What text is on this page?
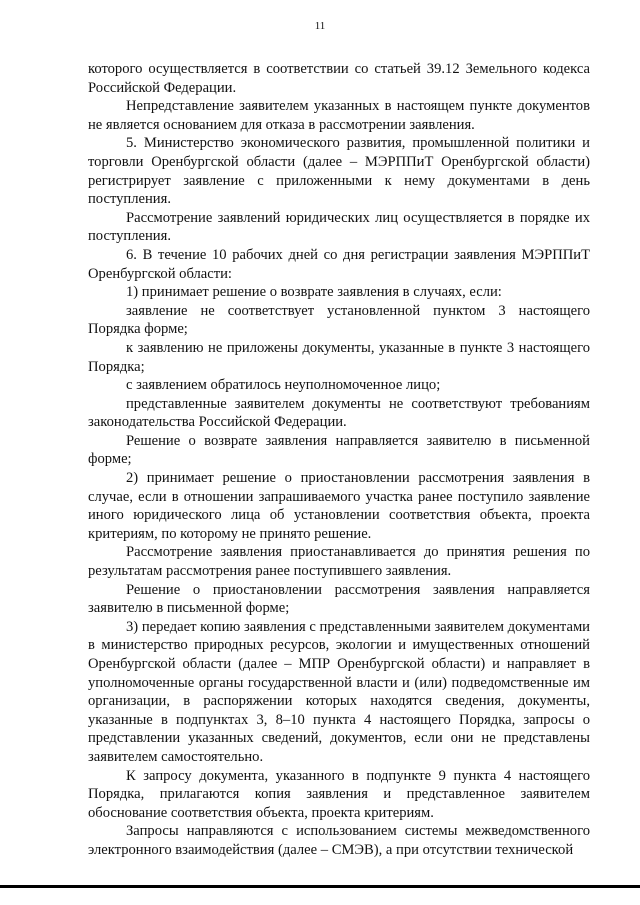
11

которого осуществляется в соответствии со статьей 39.12 Земельного кодекса Российской Федерации.

Непредставление заявителем указанных в настоящем пункте документов не является основанием для отказа в рассмотрении заявления.

5. Министерство экономического развития, промышленной политики и торговли Оренбургской области (далее – МЭРППиТ Оренбургской области) регистрирует заявление с приложенными к нему документами в день поступления.

Рассмотрение заявлений юридических лиц осуществляется в порядке их поступления.

6. В течение 10 рабочих дней со дня регистрации заявления МЭРППиТ Оренбургской области:

1) принимает решение о возврате заявления в случаях, если:

заявление не соответствует установленной пунктом 3 настоящего Порядка форме;

к заявлению не приложены документы, указанные в пункте 3 настоящего Порядка;

с заявлением обратилось неуполномоченное лицо;

представленные заявителем документы не соответствуют требованиям законодательства Российской Федерации.

Решение о возврате заявления направляется заявителю в письменной форме;

2) принимает решение о приостановлении рассмотрения заявления в случае, если в отношении запрашиваемого участка ранее поступило заявление иного юридического лица об установлении соответствия объекта, проекта критериям, по которому не принято решение.

Рассмотрение заявления приостанавливается до принятия решения по результатам рассмотрения ранее поступившего заявления.

Решение о приостановлении рассмотрения заявления направляется заявителю в письменной форме;

3) передает копию заявления с представленными заявителем документами в министерство природных ресурсов, экологии и имущественных отношений Оренбургской области (далее – МПР Оренбургской области) и направляет в уполномоченные органы государственной власти и (или) подведомственные им организации, в распоряжении которых находятся сведения, документы, указанные в подпунктах 3, 8–10 пункта 4 настоящего Порядка, запросы о представлении указанных сведений, документов, если они не представлены заявителем самостоятельно.

К запросу документа, указанного в подпункте 9 пункта 4 настоящего Порядка, прилагаются копия заявления и представленное заявителем обоснование соответствия объекта, проекта критериям.

Запросы направляются с использованием системы межведомственного электронного взаимодействия (далее – СМЭВ), а при отсутствии технической
